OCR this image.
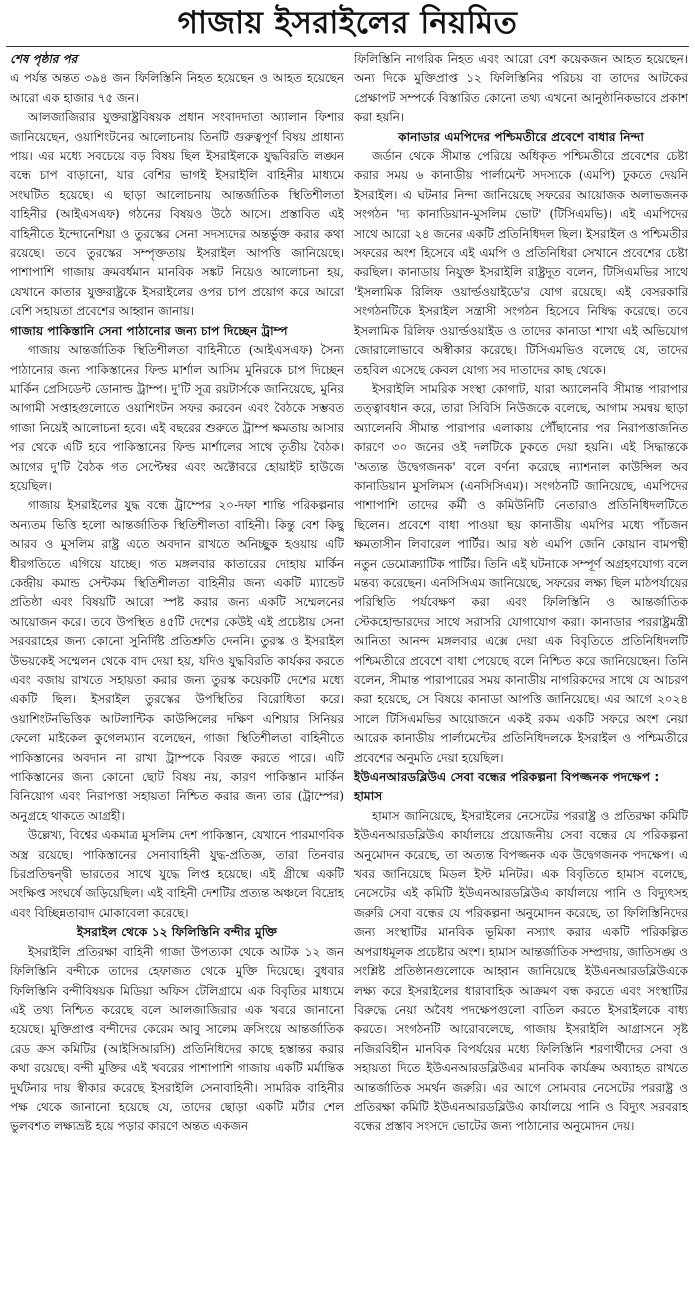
গাজায় ইসরাইলের নিয়মিত

শেষ পৃষ্ঠার পর

এ পর্যন্ত অন্তত ৩৯৪ জন ফিলিস্তিনি নিহত হয়েছেন ও আহত হয়েছেন আরো এক হাজার ৭৫ জন।

আলজাজিরার যুক্তরাষ্ট্রবিষয়ক প্রধান সংবাদদাতা অ্যালান ফিশার জানিয়েছেন, ওয়াশিংটনের আলোচনায় তিনটি গুরুত্বপূর্ণ বিষয় প্রাধান্য পায়। এর মধ্যে সবচেয়ে বড় বিষয় ছিল ইসরাইলকে যুদ্ধবিরতি লঙ্ঘন বন্ধে চাপ বাড়ানো, যার বেশির ভাগই ইসরাইলি বাহিনীর মাধ্যমে সংঘটিত হয়েছে। এ ছাড়া আলোচনায় আন্তর্জাতিক স্থিতিশীলতা বাহিনীর (আইএসএফ) গঠনের বিষয়ও উঠে আসে। প্রস্তাবিত এই বাহিনীতে ইন্দোনেশিয়া ও তুরস্কের সেনা সদস্যদের অন্তর্ভুক্ত করার কথা রয়েছে। তবে তুরস্কের সম্পৃক্ততায় ইসরাইল আপত্তি জানিয়েছে। পাশাপাশি গাজায় ক্রমবর্ধমান মানবিক সঙ্কট নিয়েও আলোচনা হয়, যেখানে কাতার যুক্তরাষ্ট্রকে ইসরাইলের ওপর চাপ প্রয়োগ করে আরো বেশি সহায়তা প্রবেশের আহ্বান জানায়।

গাজায় পাকিস্তানি সেনা পাঠানোর জন্য চাপ দিচ্ছেন ট্রাম্প

গাজায় আন্তর্জাতিক স্থিতিশীলতা বাহিনীতে (আইএসএফ) সৈন্য পাঠানোর জন্য পাকিস্তানের ফিল্ড মার্শাল আসিম মুনিরকে চাপ দিচ্ছেন মার্কিন প্রেসিডেন্ট ডোনাল্ড ট্রাম্প। দু'টি সূত্র রয়টার্সকে জানিয়েছে, মুনির আগামী সপ্তাহগুলোতে ওয়াশিংটন সফর করবেন এবং বৈঠকে সম্ভবত গাজা নিয়েই আলোচনা হবে। এই বছরের শুরুতে ট্রাম্প ক্ষমতায় আসার পর থেকে এটি হবে পাকিস্তানের ফিল্ড মার্শালের সাথে তৃতীয় বৈঠক। আগের দু'টি বৈঠক গত সেপ্টেম্বর এবং অক্টোবরে হোয়াইট হাউজে হয়েছিল।

গাজায় ইসরাইলের যুদ্ধ বন্ধে ট্রাম্পের ২০-দফা শান্তি পরিকল্পনার অন্যতম ভিত্তি হলো আন্তর্জাতিক স্থিতিশীলতা বাহিনী। কিন্তু বেশ কিছু আরব ও মুসলিম রাষ্ট্র এতে অবদান রাখতে অনিচ্ছুক হওয়ায় এটি ধীরগতিতে এগিয়ে যাচ্ছে। গত মঙ্গলবার কাতারের দোহায় মার্কিন কেন্দ্রীয় কমান্ড সেন্টকম স্থিতিশীলতা বাহিনীর জন্য একটি ম্যান্ডেট প্রতিষ্ঠা এবং বিষয়টি আরো স্পষ্ট করার জন্য একটি সম্মেলনের আয়োজন করে। তবে উপস্থিত ৪৫টি দেশের কেউই এই প্রচেষ্টায় সেনা সরবরাহের জন্য কোনো সুনির্দিষ্ট প্রতিশ্রুতি দেননি। তুরস্ক ও ইসরাইল উভয়কেই সম্মেলন থেকে বাদ দেয়া হয়, যদিও যুদ্ধবিরতি কার্যকর করতে এবং বজায় রাখতে সহায়তা করার জন্য তুরস্ক কয়েকটি দেশের মধ্যে একটি ছিল। ইসরাইল তুরস্কের উপস্থিতির বিরোধিতা করে। ওয়াশিংটনভিত্তিক আটলান্টিক কাউন্সিলের দক্ষিণ এশিয়ার সিনিয়র ফেলো মাইকেল কুগেলম্যান বলেছেন, গাজা স্থিতিশীলতা বাহিনীতে পাকিস্তানের অবদান না রাখা ট্রাম্পকে বিরক্ত করতে পারে। এটি পাকিস্তানের জন্য কোনো ছোট বিষয় নয়, কারণ পাকিস্তান মার্কিন বিনিয়োগ এবং নিরাপত্তা সহায়তা নিশ্চিত করার জন্য তার (ট্রাম্পের) অনুগ্রহে থাকতে আগ্রহী।

উল্লেখ্য, বিশ্বের একমাত্র মুসলিম দেশ পাকিস্তান, যেখানে পারমাণবিক অস্ত্র রয়েছে। পাকিস্তানের সেনাবাহিনী যুদ্ধ-প্রতিজ্ঞ, তারা তিনবার চিরপ্রতিদ্বন্দ্বী ভারতের সাথে যুদ্ধে লিপ্ত হয়েছে। এই গ্রীষ্মে একটি সংক্ষিপ্ত সংঘর্ষে জড়িয়েছিল। এই বাহিনী দেশটির প্রত্যন্ত অঞ্চলে বিদ্রোহ এবং বিচ্ছিন্নতাবাদ মোকাবেলা করেছে।

ইসরাইল থেকে ১২ ফিলিস্তিনি বন্দীর মুক্তি

ইসরাইলি প্রতিরক্ষা বাহিনী গাজা উপত্যকা থেকে আটক ১২ জন ফিলিস্তিনি বন্দীকে তাদের হেফাজত থেকে মুক্তি দিয়েছে। বুধবার ফিলিস্তিনি বন্দীবিষয়ক মিডিয়া অফিস টেলিগ্রামে এক বিবৃতির মাধ্যমে এই তথ্য নিশ্চিত করেছে বলে আলজাজিরার এক খবরে জানানো হয়েছে। মুক্তিপ্রাপ্ত বন্দীদের কেরেম আবু সালেম ক্রসিংয়ে আন্তর্জাতিক রেড ক্রস কমিটির (আইসিআরসি) প্রতিনিধিদের কাছে হস্তান্তর করার কথা রয়েছে। বন্দী মুক্তির এই খবরের পাশাপাশি গাজায় একটি মর্মান্তিক দুর্ঘটনার দায় স্বীকার করেছে ইসরাইলি সেনাবাহিনী। সামরিক বাহিনীর পক্ষ থেকে জানানো হয়েছে যে, তাদের ছোড়া একটি মর্টার শেল ভুলবশত লক্ষ্যভ্রষ্ট হয়ে পড়ার কারণে অন্তত একজন

ফিলিস্তিনি নাগরিক নিহত এবং আরো বেশ কয়েকজন আহত হয়েছেন। অন্য দিকে মুক্তিপ্রাপ্ত ১২ ফিলিস্তিনির পরিচয় বা তাদের আটকের প্রেক্ষাপট সম্পর্কে বিস্তারিত কোনো তথ্য এখনো আনুষ্ঠানিকভাবে প্রকাশ করা হয়নি।

কানাডার এমপিদের পশ্চিমতীরে প্রবেশে বাধার নিন্দা

জর্ডান থেকে সীমান্ত পেরিয়ে অধিকৃত পশ্চিমতীরে প্রবেশের চেষ্টা করার সময় ৬ কানাডীয় পার্লামেন্ট সদস্যকে (এমপি) ঢুকতে দেয়নি ইসরাইল। এ ঘটনার নিন্দা জানিয়েছে সফরের আয়োজক অলাভজনক সংগঠন 'দ্য কানাডিয়ান-মুসলিম ভোট' (টিসিএমভি)। এই এমপিদের সাথে আরো ২৪ জনের একটি প্রতিনিধিদল ছিল। ইসরাইল ও পশ্চিমতীর সফরের অংশ হিসেবে এই এমপি ও প্রতিনিধিরা সেখানে প্রবেশের চেষ্টা করছিল। কানাডায় নিযুক্ত ইসরাইলি রাষ্ট্রদূত বলেন, টিসিএমভির সাথে 'ইসলামিক রিলিফ ওয়ার্ল্ডওয়াইডে'র যোগ রয়েছে। এই বেসরকারি সংগঠনটিকে ইসরাইল সন্ত্রাসী সংগঠন হিসেবে নিষিদ্ধ করেছে। তবে ইসলামিক রিলিফ ওয়ার্ল্ডওয়াইড ও তাদের কানাডা শাখা এই অভিযোগ জোরালোভাবে অস্বীকার করেছে। টিসিএমভিও বলেছে যে, তাদের তহবিল এসেছে কেবল যোগ্য সব দাতাদের কাছ থেকে।

ইসরাইলি সামরিক সংস্থা কোগাট, যারা অ্যালেনবি সীমান্ত পারাপার তত্ত্বাবধান করে, তারা সিবিসি নিউজকে বলেছে, আগাম সমন্বয় ছাড়া অ্যালেনবি সীমান্ত পারাপার এলাকায় পৌঁছানোর পর নিরাপত্তাজনিত কারণে ৩০ জনের ওই দলটিকে ঢুকতে দেয়া হয়নি। এই সিদ্ধান্তকে 'অত্যন্ত উদ্বেগজনক' বলে বর্ণনা করেছে ন্যাশনাল কাউন্সিল অব কানাডিয়ান মুসলিমস (এনসিসিএম)। সংগঠনটি জানিয়েছে, এমপিদের পাশাপাশি তাদের কর্মী ও কমিউনিটি নেতারাও প্রতিনিধিদলটিতে ছিলেন। প্রবেশে বাধা পাওয়া ছয় কানাডীয় এমপির মধ্যে পাঁচজন ক্ষমতাসীন লিবারেল পার্টির। আর ষষ্ঠ এমপি জেনি কোয়ান বামপন্থী নতুন ডেমোক্র্যাটিক পার্টির। তিনি এই ঘটনাকে সম্পূর্ণ অগ্রহণযোগ্য বলে মন্তব্য করেছেন। এনসিসিএম জানিয়েছে, সফরের লক্ষ্য ছিল মাঠপর্যায়ের পরিস্থিতি পর্যবেক্ষণ করা এবং ফিলিস্তিনি ও আন্তর্জাতিক স্টেকহোল্ডারদের সাথে সরাসরি যোগাযোগ করা। কানাডার পররাষ্ট্রমন্ত্রী আনিতা আনন্দ মঙ্গলবার এক্সে দেয়া এক বিবৃতিতে প্রতিনিধিদলটি পশ্চিমতীরে প্রবেশে বাধা পেয়েছে বলে নিশ্চিত করে জানিয়েছেন। তিনি বলেন, সীমান্ত পারাপারের সময় কানাডীয় নাগরিকদের সাথে যে আচরণ করা হয়েছে, সে বিষয়ে কানাডা আপত্তি জানিয়েছে। এর আগে ২০২৪ সালে টিসিএমভির আয়োজনে একই রকম একটি সফরে অংশ নেয়া আরেক কানাডীয় পার্লামেন্টের প্রতিনিধিদলকে ইসরাইল ও পশ্চিমতীরে প্রবেশের অনুমতি দেয়া হয়েছিল।

ইউএনআরডব্লিউএ সেবা বন্ধের পরিকল্পনা বিপজ্জনক পদক্ষেপ : হামাস

হামাস জানিয়েছে, ইসরাইলের নেসেটের পররাষ্ট্র ও প্রতিরক্ষা কমিটি ইউএনআরডব্লিউএ কার্যালয়ে প্রয়োজনীয় সেবা বন্ধের যে পরিকল্পনা অনুমোদন করেছে, তা অত্যন্ত বিপজ্জনক এক উদ্বেগজনক পদক্ষেপ। এ খবর জানিয়েছে মিডল ইস্ট মনিটর। এক বিবৃতিতে হামাস বলেছে, নেসেটের এই কমিটি ইউএনআরডব্লিউএ কার্যালয়ে পানি ও বিদ্যুৎসহ জরুরি সেবা বন্ধের যে পরিকল্পনা অনুমোদন করেছে, তা ফিলিস্তিনিদের জন্য সংস্থাটির মানবিক ভূমিকা নস্যাৎ করার একটি পরিকল্পিত অপরাধমূলক প্রচেষ্টার অংশ। হামাস আন্তর্জাতিক সম্প্রদায়, জাতিসঙ্ঘ ও সংশ্লিষ্ট প্রতিষ্ঠানগুলোকে আহ্বান জানিয়েছে ইউএনআরডব্লিউএকে লক্ষ্য করে ইসরাইলের ধারাবাহিক আক্রমণ বন্ধ করতে এবং সংস্থাটির বিরুদ্ধে নেয়া অবৈধ পদক্ষেপগুলো বাতিল করতে ইসরাইলকে বাধ্য করতে। সংগঠনটি আরোবলেছে, গাজায় ইসরাইলি আগ্রাসনে সৃষ্ট নজিরবিহীন মানবিক বিপর্যয়ের মধ্যে ফিলিস্তিনি শরণার্থীদের সেবা ও সহায়তা দিতে ইউএনআরডব্লিউএর মানবিক কার্যক্রম অব্যাহত রাখতে আন্তর্জাতিক সমর্থন জরুরি। এর আগে সোমবার নেসেটের পররাষ্ট্র ও প্রতিরক্ষা কমিটি ইউএনআরডব্লিউএ কার্যালয়ে পানি ও বিদ্যুৎ সরবরাহ বন্ধের প্রস্তাব সংসদে ভোটের জন্য পাঠানোর অনুমোদন দেয়।
